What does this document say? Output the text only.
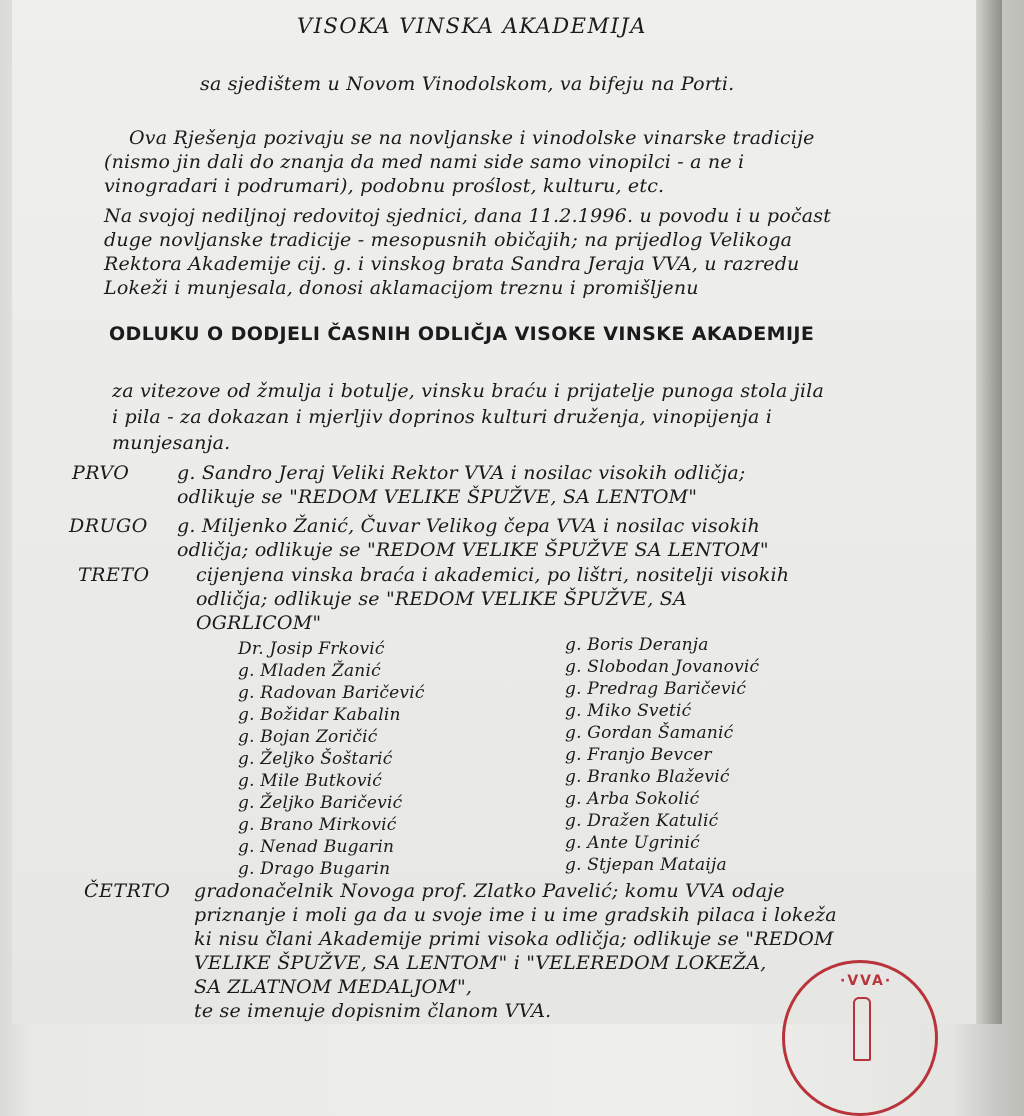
VISOKA VINSKA AKADEMIJA
sa sjedištem u Novom Vinodolskom, va bifeju na Porti.
Ova Rješenja pozivaju se na novljanske i vinodolske vinarske tradicije
(nismo jin dali do znanja da med nami side samo vinopilci - a ne i
vinogradari i podrumari), podobnu proślost, kulturu, etc.
Na svojoj nediljnoj redovitoj sjednici, dana 11.2.1996. u povodu i u počast
duge novljanske tradicije - mesopusnih običajih; na prijedlog Velikoga
Rektora Akademije cij. g. i vinskog brata Sandra Jeraja VVA, u razredu
Lokeži i munjesala, donosi aklamacijom treznu i promišljenu
ODLUKU O DODJELI ČASNIH ODLIČJA VISOKE VINSKE AKADEMIJE
za vitezove od žmulja i botulje, vinsku braću i prijatelje punoga stola jila
i pila - za dokazan i mjerljiv doprinos kulturi druženja, vinopijenja i
munjesanja.
PRVO	g. Sandro Jeraj Veliki Rektor VVA i nosilac visokih odličja;
odlikuje se "REDOM VELIKE ŠPUŽVE, SA LENTOM"
DRUGO g. Miljenko Žanić, Čuvar Velikog čepa VVA i nosilac visokih
odličja; odlikuje se "REDOM VELIKE ŠPUŽVE SA LENTOM"
TRETO cijenjena vinska braća i akademici, po lištri, nositelji visokih
odličja; odlikuje se "REDOM VELIKE ŠPUŽVE, SA
OGRLICOM"
Dr. Josip Frković
g. Mladen Žanić
g. Radovan Baričević
g. Božidar Kabalin
g. Bojan Zoričić
g. Željko Šoštarić
g. Mile Butković
g. Željko Baričević
g. Brano Mirković
g. Nenad Bugarin
g. Drago Bugarin
g. Boris Deranja
g. Slobodan Jovanović
g. Predrag Baričević
g. Miko Svetić
g. Gordan Šamanić
g. Franjo Bevcer
g. Branko Blažević
g. Arba Sokolić
g. Dražen Katulić
g. Ante Ugrinić
g. Stjepan Mataija
ČETRTO gradonačelnik Novoga prof. Zlatko Pavelić; komu VVA odaje
priznanje i moli ga da u svoje ime i u ime gradskih pilaca i lokeža
ki nisu člani Akademije primi visoka odličja; odlikuje se "REDOM
VELIKE ŠPUŽVE, SA LENTOM" i "VELEREDOM LOKEŽA,
SA ZLATNOM MEDALJOM",
te se imenuje dopisnim članom VVA.
·VVA·
